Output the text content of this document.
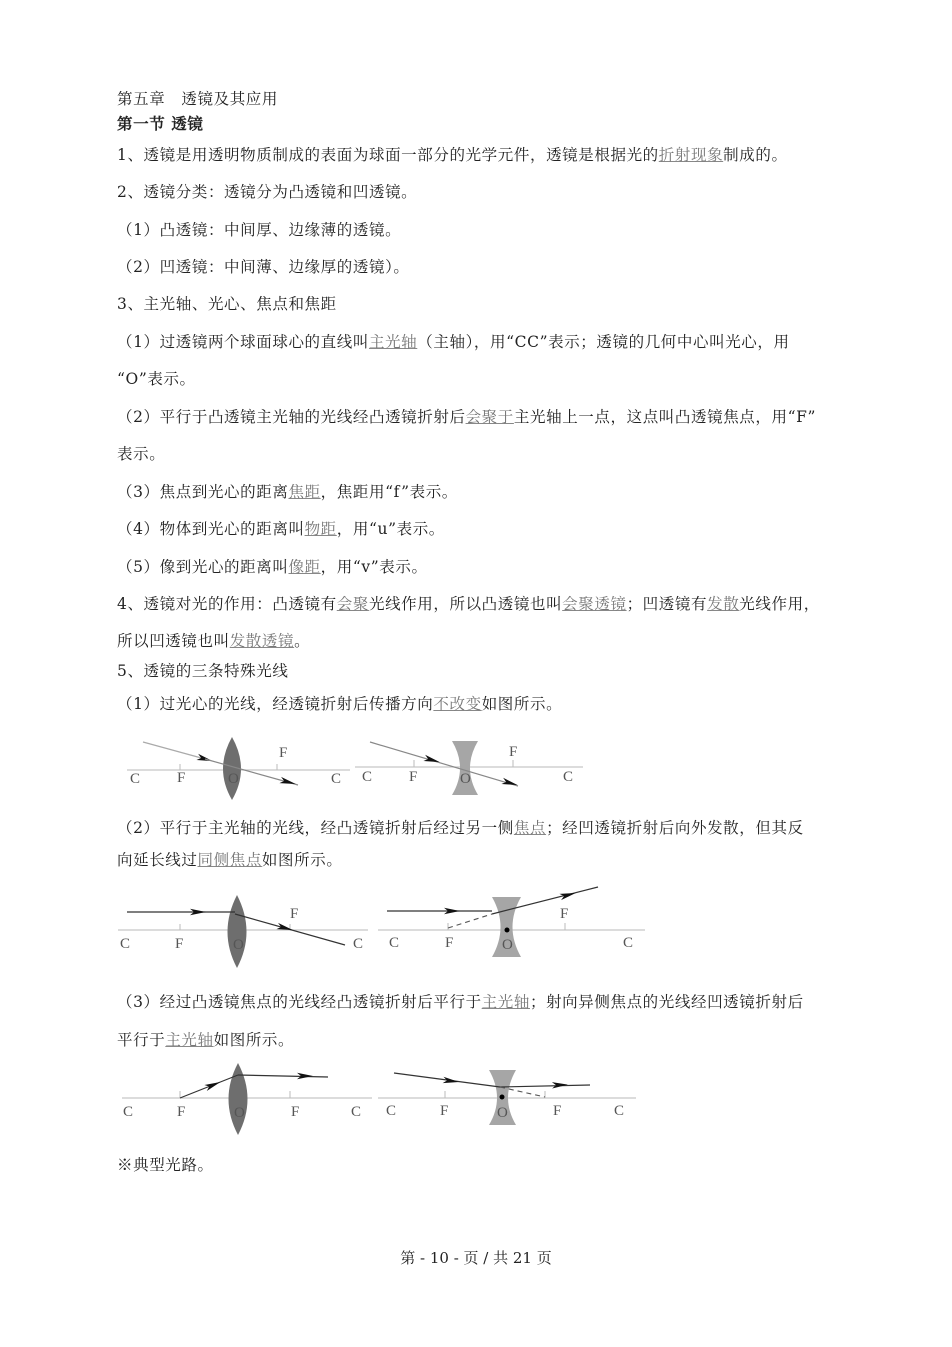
第五章　透镜及其应用
第一节 透镜
1、透镜是用透明物质制成的表面为球面一部分的光学元件，透镜是根据光的折射现象制成的。
2、透镜分类：透镜分为凸透镜和凹透镜。
（1）凸透镜：中间厚、边缘薄的透镜。
（2）凹透镜：中间薄、边缘厚的透镜）。
3、主光轴、光心、焦点和焦距
（1）过透镜两个球面球心的直线叫主光轴（主轴），用“CC”表示；透镜的几何中心叫光心，用
“O”表示。
（2）平行于凸透镜主光轴的光线经凸透镜折射后会聚于主光轴上一点，这点叫凸透镜焦点，用“F”
表示。
（3）焦点到光心的距离焦距，焦距用“f”表示。
（4）物体到光心的距离叫物距，用“u”表示。
（5）像到光心的距离叫像距，用“v”表示。
4、透镜对光的作用：凸透镜有会聚光线作用，所以凸透镜也叫会聚透镜；凹透镜有发散光线作用，
所以凹透镜也叫发散透镜。
5、透镜的三条特殊光线
（1）过光心的光线，经透镜折射后传播方向不改变如图所示。
（2）平行于主光轴的光线，经凸透镜折射后经过另一侧焦点；经凹透镜折射后向外发散，但其反
向延长线过同侧焦点如图所示。
（3）经过凸透镜焦点的光线经凸透镜折射后平行于主光轴；射向异侧焦点的光线经凹透镜折射后
平行于主光轴如图所示。
※典型光路。
C F	O
F
C C F	O
F
C
C	F	O
F
C C	F	O
F
C
C	F	O	F	C C	F	O	F	C
第 - 10 - 页 / 共 21 页
